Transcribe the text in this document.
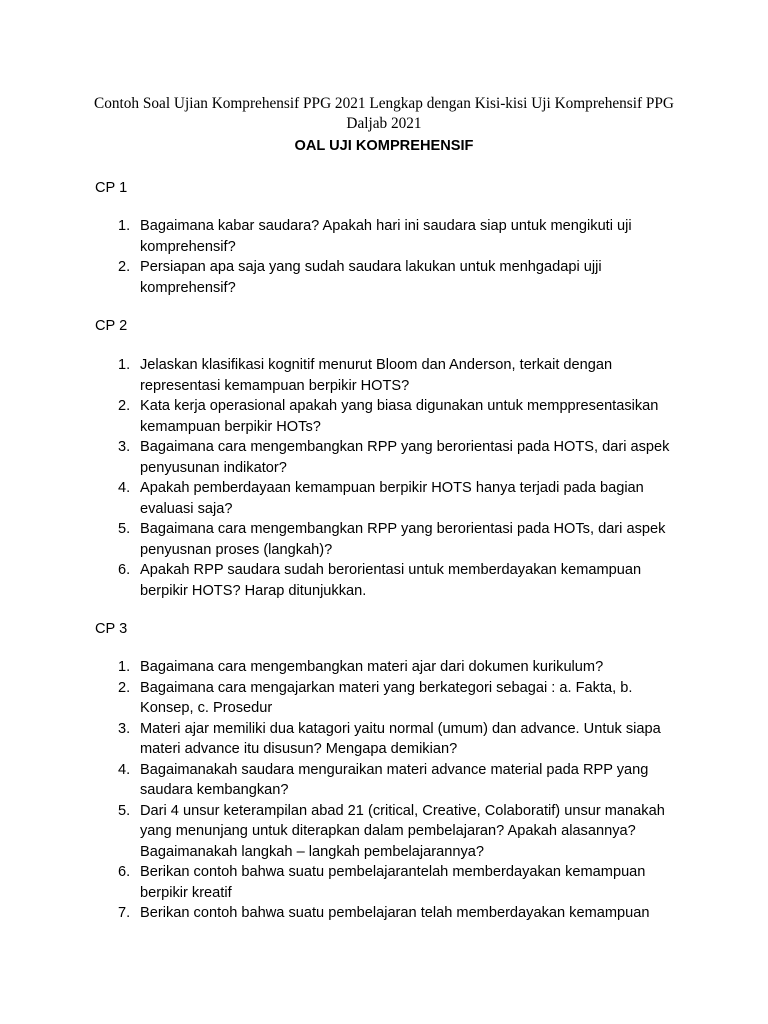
Contoh Soal Ujian Komprehensif PPG 2021 Lengkap dengan Kisi-kisi Uji Komprehensif PPG Daljab 2021
OAL UJI KOMPREHENSIF
CP 1
1. Bagaimana kabar saudara? Apakah hari ini saudara siap untuk mengikuti uji komprehensif?
2. Persiapan apa saja yang sudah saudara lakukan untuk menhgadapi ujji komprehensif?
CP 2
1. Jelaskan klasifikasi kognitif menurut Bloom dan Anderson, terkait dengan representasi kemampuan berpikir HOTS?
2. Kata kerja operasional apakah yang biasa digunakan untuk memppresentasikan kemampuan berpikir HOTs?
3. Bagaimana cara mengembangkan RPP yang berorientasi pada HOTS, dari aspek penyusunan indikator?
4. Apakah pemberdayaan kemampuan berpikir HOTS hanya terjadi pada bagian evaluasi saja?
5. Bagaimana cara mengembangkan RPP yang berorientasi pada HOTs, dari aspek penyusnan proses (langkah)?
6. Apakah RPP saudara sudah berorientasi untuk memberdayakan kemampuan berpikir HOTS? Harap ditunjukkan.
CP 3
1. Bagaimana cara mengembangkan materi ajar dari dokumen kurikulum?
2. Bagaimana cara mengajarkan materi yang berkategori sebagai : a. Fakta, b. Konsep, c. Prosedur
3. Materi ajar memiliki dua katagori yaitu normal (umum) dan advance. Untuk siapa materi advance itu disusun? Mengapa demikian?
4. Bagaimanakah saudara menguraikan materi advance material pada RPP yang saudara kembangkan?
5. Dari 4 unsur keterampilan abad 21 (critical, Creative, Colaboratif) unsur manakah yang menunjang untuk diterapkan dalam pembelajaran? Apakah alasannya? Bagaimanakah langkah – langkah pembelajarannya?
6. Berikan contoh bahwa suatu pembelajarantelah memberdayakan kemampuan berpikir kreatif
7. Berikan contoh bahwa suatu pembelajaran telah memberdayakan kemampuan
